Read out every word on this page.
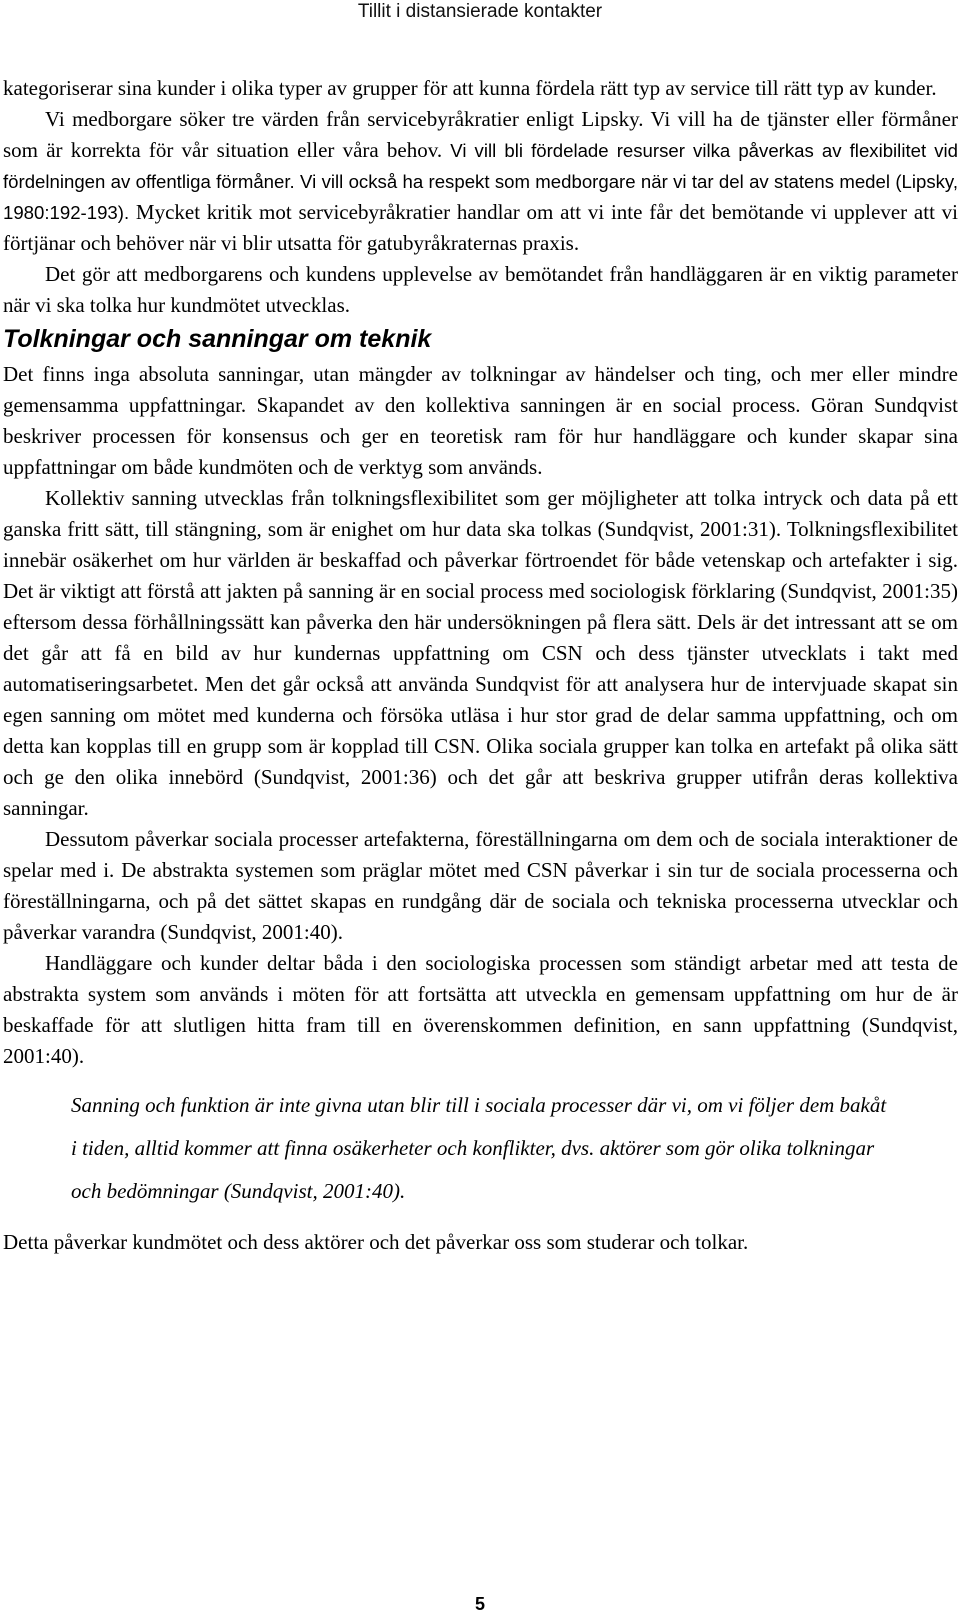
Tillit i distansierade kontakter

kategoriserar sina kunder i olika typer av grupper för att kunna fördela rätt typ av service till rätt typ av kunder.

Vi medborgare söker tre värden från servicebyråkratier enligt Lipsky. Vi vill ha de tjänster eller förmåner som är korrekta för vår situation eller våra behov. Vi vill bli fördelade resurser vilka påverkas av flexibilitet vid fördelningen av offentliga förmåner. Vi vill också ha respekt som medborgare när vi tar del av statens medel (Lipsky, 1980:192-193). Mycket kritik mot servicebyråkratier handlar om att vi inte får det bemötande vi upplever att vi förtjänar och behöver när vi blir utsatta för gatubyråkraternas praxis.

Det gör att medborgarens och kundens upplevelse av bemötandet från handläggaren är en viktig parameter när vi ska tolka hur kundmötet utvecklas.

Tolkningar och sanningar om teknik

Det finns inga absoluta sanningar, utan mängder av tolkningar av händelser och ting, och mer eller mindre gemensamma uppfattningar. Skapandet av den kollektiva sanningen är en social process. Göran Sundqvist beskriver processen för konsensus och ger en teoretisk ram för hur handläggare och kunder skapar sina uppfattningar om både kundmöten och de verktyg som används.

Kollektiv sanning utvecklas från tolkningsflexibilitet som ger möjligheter att tolka intryck och data på ett ganska fritt sätt, till stängning, som är enighet om hur data ska tolkas (Sundqvist, 2001:31). Tolkningsflexibilitet innebär osäkerhet om hur världen är beskaffad och påverkar förtroendet för både vetenskap och artefakter i sig. Det är viktigt att förstå att jakten på sanning är en social process med sociologisk förklaring (Sundqvist, 2001:35) eftersom dessa förhållningssätt kan påverka den här undersökningen på flera sätt. Dels är det intressant att se om det går att få en bild av hur kundernas uppfattning om CSN och dess tjänster utvecklats i takt med automatiseringsarbetet. Men det går också att använda Sundqvist för att analysera hur de intervjuade skapat sin egen sanning om mötet med kunderna och försöka utläsa i hur stor grad de delar samma uppfattning, och om detta kan kopplas till en grupp som är kopplad till CSN. Olika sociala grupper kan tolka en artefakt på olika sätt och ge den olika innebörd (Sundqvist, 2001:36) och det går att beskriva grupper utifrån deras kollektiva sanningar.

Dessutom påverkar sociala processer artefakterna, föreställningarna om dem och de sociala interaktioner de spelar med i. De abstrakta systemen som präglar mötet med CSN påverkar i sin tur de sociala processerna och föreställningarna, och på det sättet skapas en rundgång där de sociala och tekniska processerna utvecklar och påverkar varandra (Sundqvist, 2001:40).

Handläggare och kunder deltar båda i den sociologiska processen som ständigt arbetar med att testa de abstrakta system som används i möten för att fortsätta att utveckla en gemensam uppfattning om hur de är beskaffade för att slutligen hitta fram till en överenskommen definition, en sann uppfattning (Sundqvist, 2001:40).

Sanning och funktion är inte givna utan blir till i sociala processer där vi, om vi följer dem bakåt i tiden, alltid kommer att finna osäkerheter och konflikter, dvs. aktörer som gör olika tolkningar och bedömningar (Sundqvist, 2001:40).

Detta påverkar kundmötet och dess aktörer och det påverkar oss som studerar och tolkar.

5
